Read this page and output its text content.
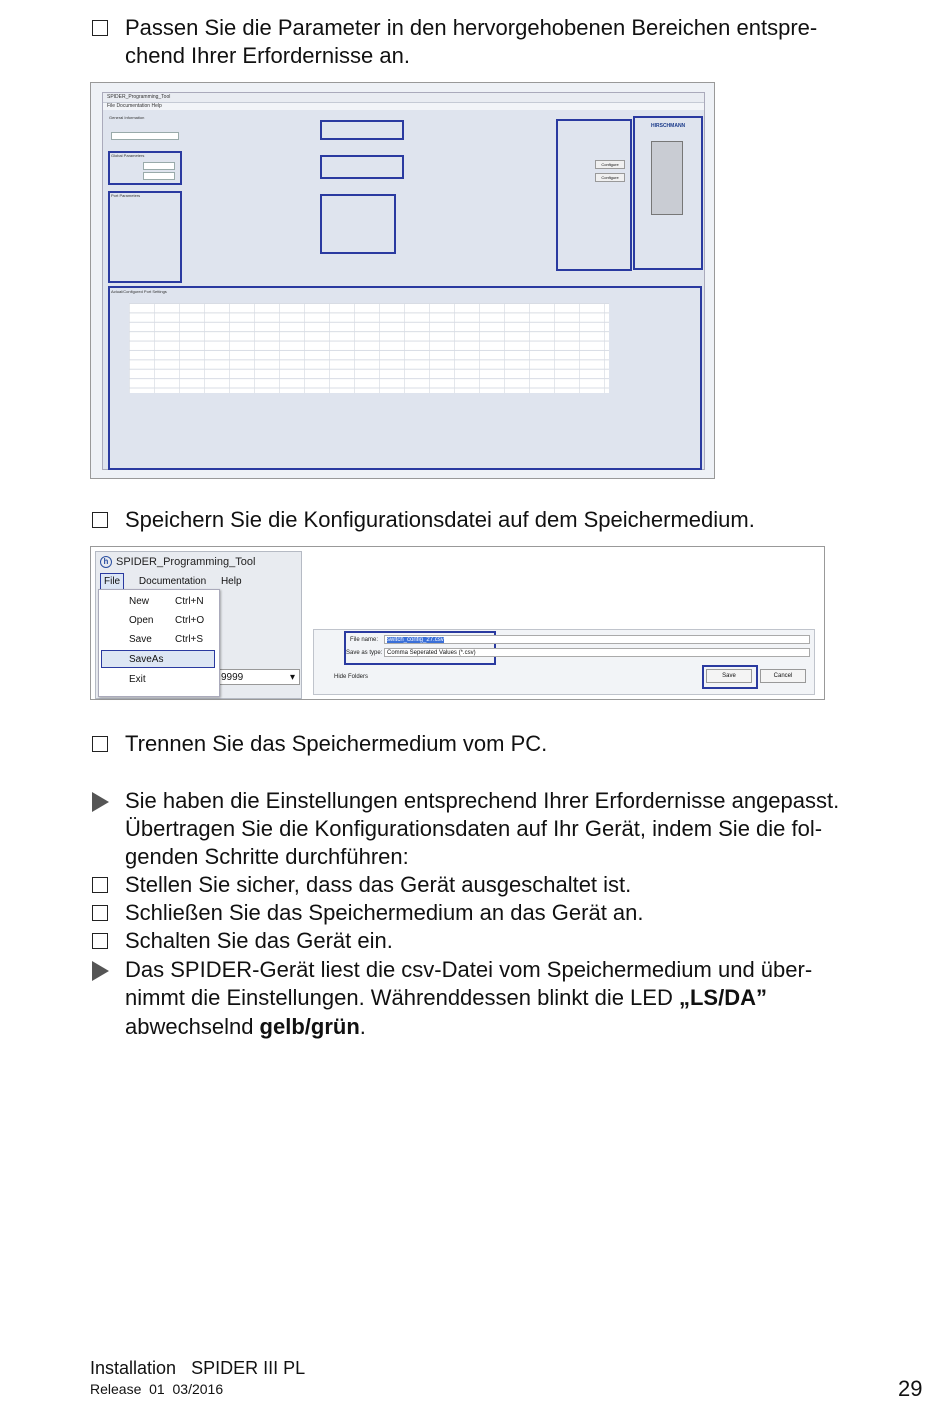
Passen Sie die Parameter in den hervorgehobenen Bereichen entspre-
chend Ihrer Erfordernisse an.
SPIDER_Programming_Tool
File Documentation Help
General Information
Global Parameters
Port Parameters
Configure
Configure
HIRSCHMANN
Actual/Configured Port Settings
Speichern Sie die Konfigurationsdatei auf dem Speichermedium.
h SPIDER_Programming_Tool
File Documentation Help
9999	▾
New	Ctrl+N
Open Ctrl+O
Save Ctrl+S
SaveAs
Exit
File name:	switch_config_27.csv
Save as type: Comma Seperated Values (*.csv)
Hide Folders	Save	Cancel
Trennen Sie das Speichermedium vom PC.
Sie haben die Einstellungen entsprechend Ihrer Erfordernisse angepasst.
Übertragen Sie die Konfigurationsdaten auf Ihr Gerät, indem Sie die fol-
genden Schritte durchführen:
Stellen Sie sicher, dass das Gerät ausgeschaltet ist.
Schließen Sie das Speichermedium an das Gerät an.
Schalten Sie das Gerät ein.
Das SPIDER-Gerät liest die csv-Datei vom Speichermedium und über-
nimmt die Einstellungen. Währenddessen blinkt die LED „LS/DA”
abwechselnd gelb/grün.
Installation SPIDER III PL
Release  01  03/2016	29
